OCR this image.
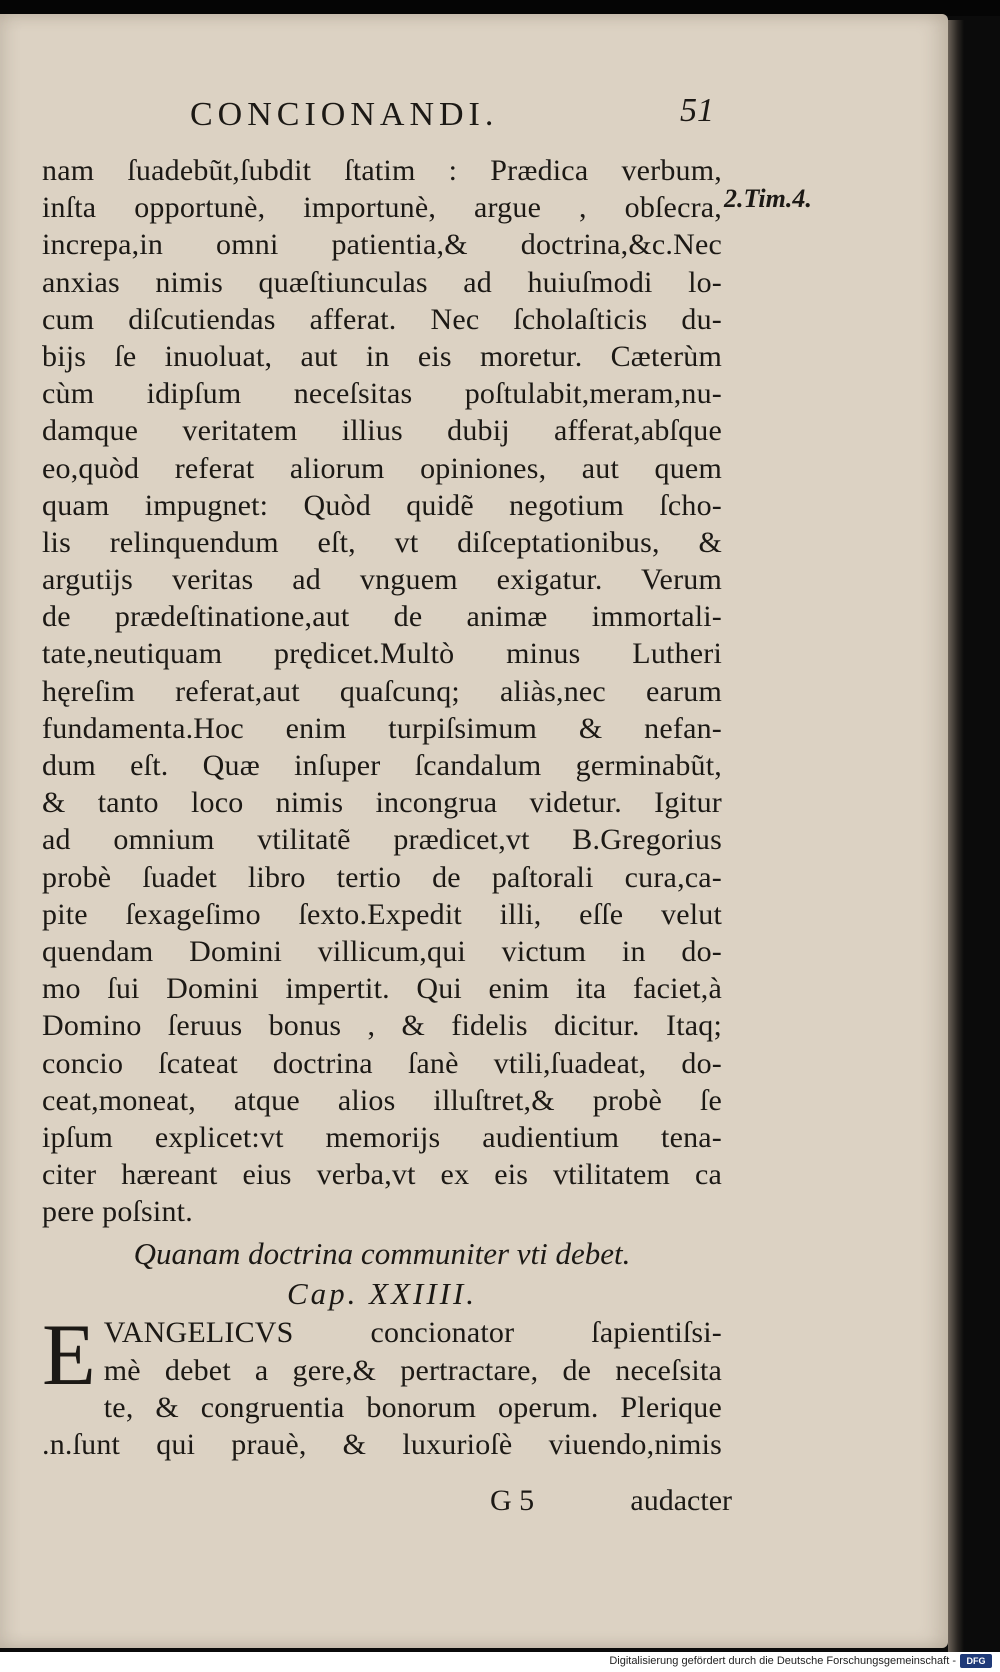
CONCIONANDI.	51
2.Tim.4.
nam ſuadebũt,ſubdit ſtatim : Prædica verbum,
inſta opportunè, importunè, argue , obſecra,
increpa,in omni patientia,& doctrina,&c.Nec
anxias nimis quæſtiunculas ad huiuſmodi lo-
cum diſcutiendas afferat. Nec ſcholaſticis du-
bijs ſe inuoluat, aut in eis moretur. Cæterùm
cùm idipſum neceſsitas poſtulabit,meram,nu-
damque veritatem illius dubij afferat,abſque
eo,quòd referat aliorum opiniones, aut quem
quam impugnet: Quòd quidẽ negotium ſcho-
lis relinquendum eſt, vt diſceptationibus, &
argutijs veritas ad vnguem exigatur. Verum
de prædeſtinatione,aut de animæ immortali-
tate,neutiquam prędicet.Multò minus Lutheri
hęreſim referat,aut quaſcunq; aliàs,nec earum
fundamenta.Hoc enim turpiſsimum & nefan-
dum eſt. Quæ inſuper ſcandalum germinabũt,
& tanto loco nimis incongrua videtur. Igitur
ad omnium vtilitatẽ prædicet,vt B.Gregorius
probè ſuadet libro tertio de paſtorali cura,ca-
pite ſexageſimo ſexto.Expedit illi, eſſe velut
quendam Domini villicum,qui victum in do-
mo ſui Domini impertit. Qui enim ita faciet,à
Domino ſeruus bonus , & fidelis dicitur. Itaq;
concio ſcateat doctrina ſanè vtili,ſuadeat, do-
ceat,moneat, atque alios illuſtret,& probè ſe
ipſum explicet:vt memorijs audientium tena-
citer hæreant eius verba,vt ex eis vtilitatem ca
pere poſsint.
Quanam doctrina communiter vti debet.
Cap. XXIIII.
E VANGELICVS concionator ſapientiſsi-
mè debet a gere,& pertractare, de neceſsita
te, & congruentia bonorum operum. Plerique
.n.ſunt qui prauè, & luxurioſè viuendo,nimis
G 5	audacter
Digitalisierung gefördert durch die Deutsche Forschungsgemeinschaft -	DFG
